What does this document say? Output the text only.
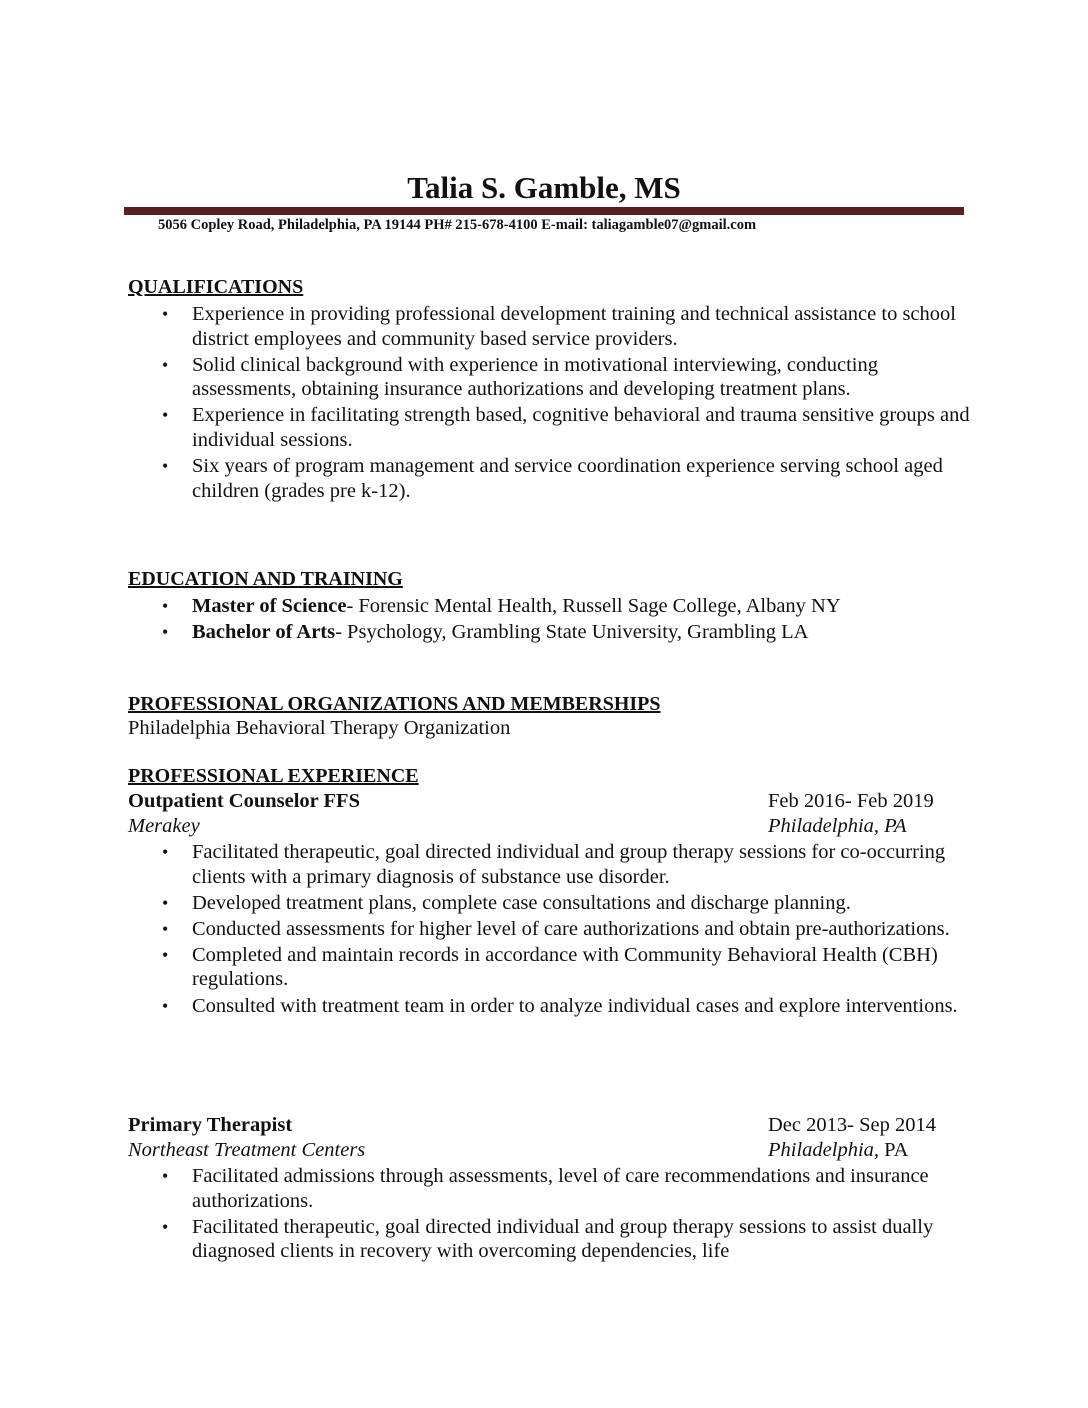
Talia S. Gamble, MS
5056 Copley Road, Philadelphia, PA 19144 PH# 215-678-4100 E-mail: taliagamble07@gmail.com
QUALIFICATIONS
• Experience in providing professional development training and technical assistance to school district employees and community based service providers.
• Solid clinical background with experience in motivational interviewing, conducting assessments, obtaining insurance authorizations and developing treatment plans.
• Experience in facilitating strength based, cognitive behavioral and trauma sensitive groups and individual sessions.
• Six years of program management and service coordination experience serving school aged children (grades pre k-12).
EDUCATION AND TRAINING
• Master of Science- Forensic Mental Health, Russell Sage College, Albany NY
• Bachelor of Arts- Psychology, Grambling State University, Grambling LA
PROFESSIONAL ORGANIZATIONS AND MEMBERSHIPS
Philadelphia Behavioral Therapy Organization
PROFESSIONAL EXPERIENCE
Outpatient Counselor FFS	Feb 2016- Feb 2019
Merakey	Philadelphia, PA
• Facilitated therapeutic, goal directed individual and group therapy sessions for co-occurring clients with a primary diagnosis of substance use disorder.
• Developed treatment plans, complete case consultations and discharge planning.
• Conducted assessments for higher level of care authorizations and obtain pre-authorizations.
• Completed and maintain records in accordance with Community Behavioral Health (CBH) regulations.
• Consulted with treatment team in order to analyze individual cases and explore interventions.
Primary Therapist	Dec 2013- Sep 2014
Northeast Treatment Centers	Philadelphia, PA
• Facilitated admissions through assessments, level of care recommendations and insurance authorizations.
• Facilitated therapeutic, goal directed individual and group therapy sessions to assist dually diagnosed clients in recovery with overcoming dependencies, life
